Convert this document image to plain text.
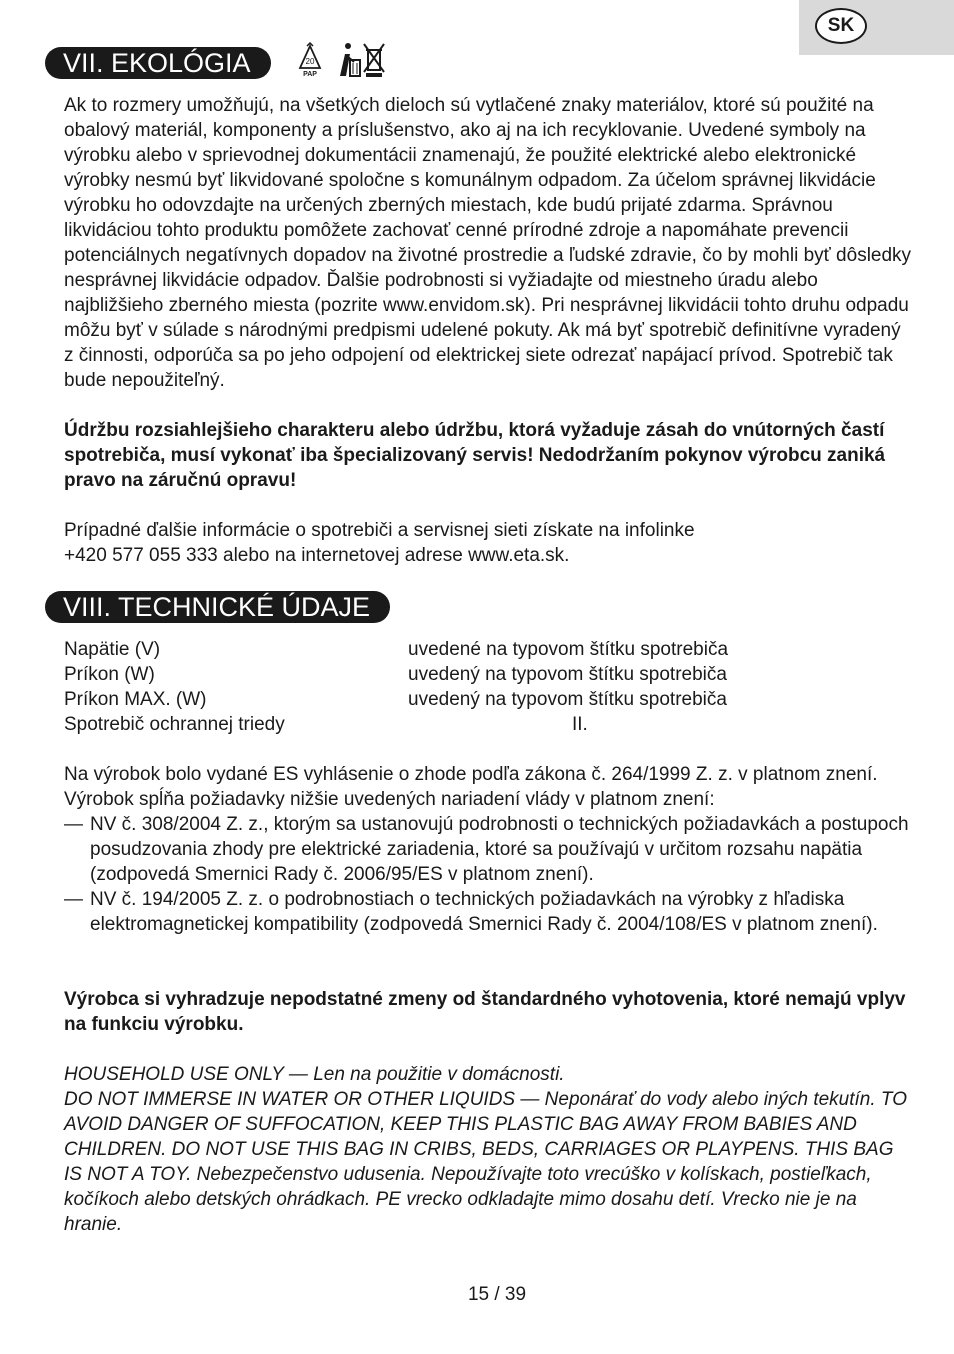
SK
VII. EKOLÓGIA	20
PAP

Ak to rozmery umožňujú, na všetkých dieloch sú vytlačené znaky materiálov, ktoré sú použité na obalový materiál, komponenty a príslušenstvo, ako aj na ich recyklovanie. Uvedené symboly na výrobku alebo v sprievodnej dokumentácii znamenajú, že použité elektrické alebo elektronické výrobky nesmú byť likvidované spoločne s komunálnym odpadom. Za účelom správnej likvidácie výrobku ho odovzdajte na určených zberných miestach, kde budú prijaté zdarma. Správnou likvidáciou tohto produktu pomôžete zachovať cenné prírodné zdroje a napomáhate prevencii potenciálnych negatívnych dopadov na životné prostredie a ľudské zdravie, čo by mohli byť dôsledky nesprávnej likvidácie odpadov. Ďalšie podrobnosti si vyžiadajte od miestneho úradu alebo najbližšieho zberného miesta (pozrite www.envidom.sk). Pri nesprávnej likvidácii tohto druhu odpadu môžu byť v súlade s národnými predpismi udelené pokuty. Ak má byť spotrebič definitívne vyradený z činnosti, odporúča sa po jeho odpojení od elektrickej siete odrezať napájací prívod. Spotrebič tak bude nepoužiteľný.

Údržbu rozsiahlejšieho charakteru alebo údržbu, ktorá vyžaduje zásah do vnútorných častí spotrebiča, musí vykonať iba špecializovaný servis! Nedodržaním pokynov výrobcu zaniká pravo na záručnú opravu!

Prípadné ďalšie informácie o spotrebiči a servisnej sieti získate na infolinke

+420 577 055 333 alebo na internetovej adrese www.eta.sk.

VIII. TECHNICKÉ ÚDAJE
Napätie (V)	uvedené na typovom štítku spotrebiča
Príkon (W)	uvedený na typovom štítku spotrebiča
Príkon MAX. (W)	uvedený na typovom štítku spotrebiča
Spotrebič ochrannej triedy	II.

Na výrobok bolo vydané ES vyhlásenie o zhode podľa zákona č. 264/1999 Z. z. v platnom znení. Výrobok spĺňa požiadavky nižšie uvedených nariadení vlády v platnom znení:

— NV č. 308/2004 Z. z., ktorým sa ustanovujú podrobnosti o technických požiadavkách a postupoch posudzovania zhody pre elektrické zariadenia, ktoré sa používajú v určitom rozsahu napätia (zodpovedá Smernici Rady č. 2006/95/ES v platnom znení).
— NV č. 194/2005 Z. z. o podrobnostiach o technických požiadavkách na výrobky z hľadiska elektromagnetickej kompatibility (zodpovedá Smernici Rady č. 2004/108/ES v platnom znení).

Výrobca si vyhradzuje nepodstatné zmeny od štandardného vyhotovenia, ktoré nemajú vplyv na funkciu výrobku.

HOUSEHOLD USE ONLY — Len na použitie v domácnosti.

DO NOT IMMERSE IN WATER OR OTHER LIQUIDS — Neponárať do vody alebo iných tekutín. TO AVOID DANGER OF SUFFOCATION, KEEP THIS PLASTIC BAG AWAY FROM BABIES AND CHILDREN. DO NOT USE THIS BAG IN CRIBS, BEDS, CARRIAGES OR PLAYPENS. THIS BAG IS NOT A TOY. Nebezpečenstvo udusenia. Nepoužívajte toto vrecúško v kolískach, postieľkach, kočíkoch alebo detských ohrádkach. PE vrecko odkladajte mimo dosahu detí. Vrecko nie je na hranie.

15 / 39
